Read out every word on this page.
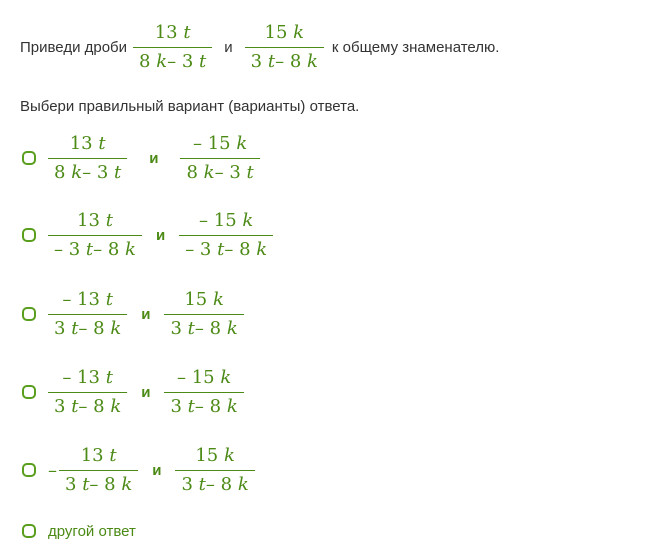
Приведи дроби $\frac{13 t}{8 k- 3 t}$ и $\frac{15 k}{3 t- 8 k}$ к общему знаменателю.
Выбери правильный вариант (варианты) ответа.
$\frac{13 t}{8 k- 3 t}$ и $\frac{- 15 k}{8 k- 3 t}$
$\frac{13 t}{- 3 t- 8 k}$ и $\frac{- 15 k}{- 3 t- 8 k}$
$\frac{- 13 t}{3 t- 8 k}$ и $\frac{15 k}{3 t- 8 k}$
$\frac{- 13 t}{3 t- 8 k}$ и $\frac{- 15 k}{3 t- 8 k}$
– $\frac{13 t}{3 t- 8 k}$ и $\frac{15 k}{3 t- 8 k}$
другой ответ
